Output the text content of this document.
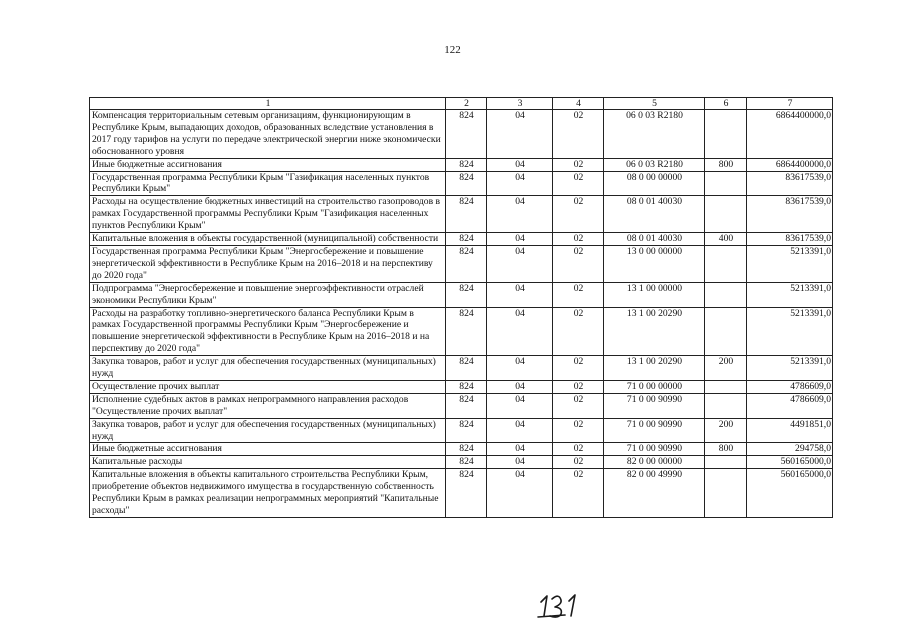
122
1	2	3	4	5	6	7
Компенсация территориальным сетевым организациям, функционирующим в Республике Крым, выпадающих доходов, образованных вследствие установления в 2017 году тарифов на услуги по передаче электрической энергии ниже экономически обоснованного уровня	824	04	02	06 0 03 R2180		6864400000,0
Иные бюджетные ассигнования	824	04	02	06 0 03 R2180	800	6864400000,0
Государственная программа Республики Крым "Газификация населенных пунктов Республики Крым"	824	04	02	08 0 00 00000		83617539,0
Расходы на осуществление бюджетных инвестиций на строительство газопроводов в рамках Государственной программы Республики Крым "Газификация населенных пунктов Республики Крым"	824	04	02	08 0 01 40030		83617539,0
Капитальные вложения в объекты государственной (муниципальной) собственности	824	04	02	08 0 01 40030	400	83617539,0
Государственная программа Республики Крым "Энергосбережение и повышение энергетической эффективности в Республике Крым на 2016–2018 и на перспективу до 2020 года"	824	04	02	13 0 00 00000		5213391,0
Подпрограмма "Энергосбережение и повышение энергоэффективности отраслей экономики Республики Крым"	824	04	02	13 1 00 00000		5213391,0
Расходы на разработку топливно-энергетического баланса Республики Крым в рамках Государственной программы Республики Крым "Энергосбережение и повышение энергетической эффективности в Республике Крым на 2016–2018 и на перспективу до 2020 года"	824	04	02	13 1 00 20290		5213391,0
Закупка товаров, работ и услуг для обеспечения государственных (муниципальных) нужд	824	04	02	13 1 00 20290	200	5213391,0
Осуществление прочих выплат	824	04	02	71 0 00 00000		4786609,0
Исполнение судебных актов в рамках непрограммного направления расходов "Осуществление прочих выплат"	824	04	02	71 0 00 90990		4786609,0
Закупка товаров, работ и услуг для обеспечения государственных (муниципальных) нужд	824	04	02	71 0 00 90990	200	4491851,0
Иные бюджетные ассигнования	824	04	02	71 0 00 90990	800	294758,0
Капитальные расходы	824	04	02	82 0 00 00000		560165000,0
Капитальные вложения в объекты капитального строительства Республики Крым, приобретение объектов недвижимого имущества в государственную собственность Республики Крым в рамках реализации непрограммных мероприятий "Капитальные расходы"	824	04	02	82 0 00 49990		560165000,0
